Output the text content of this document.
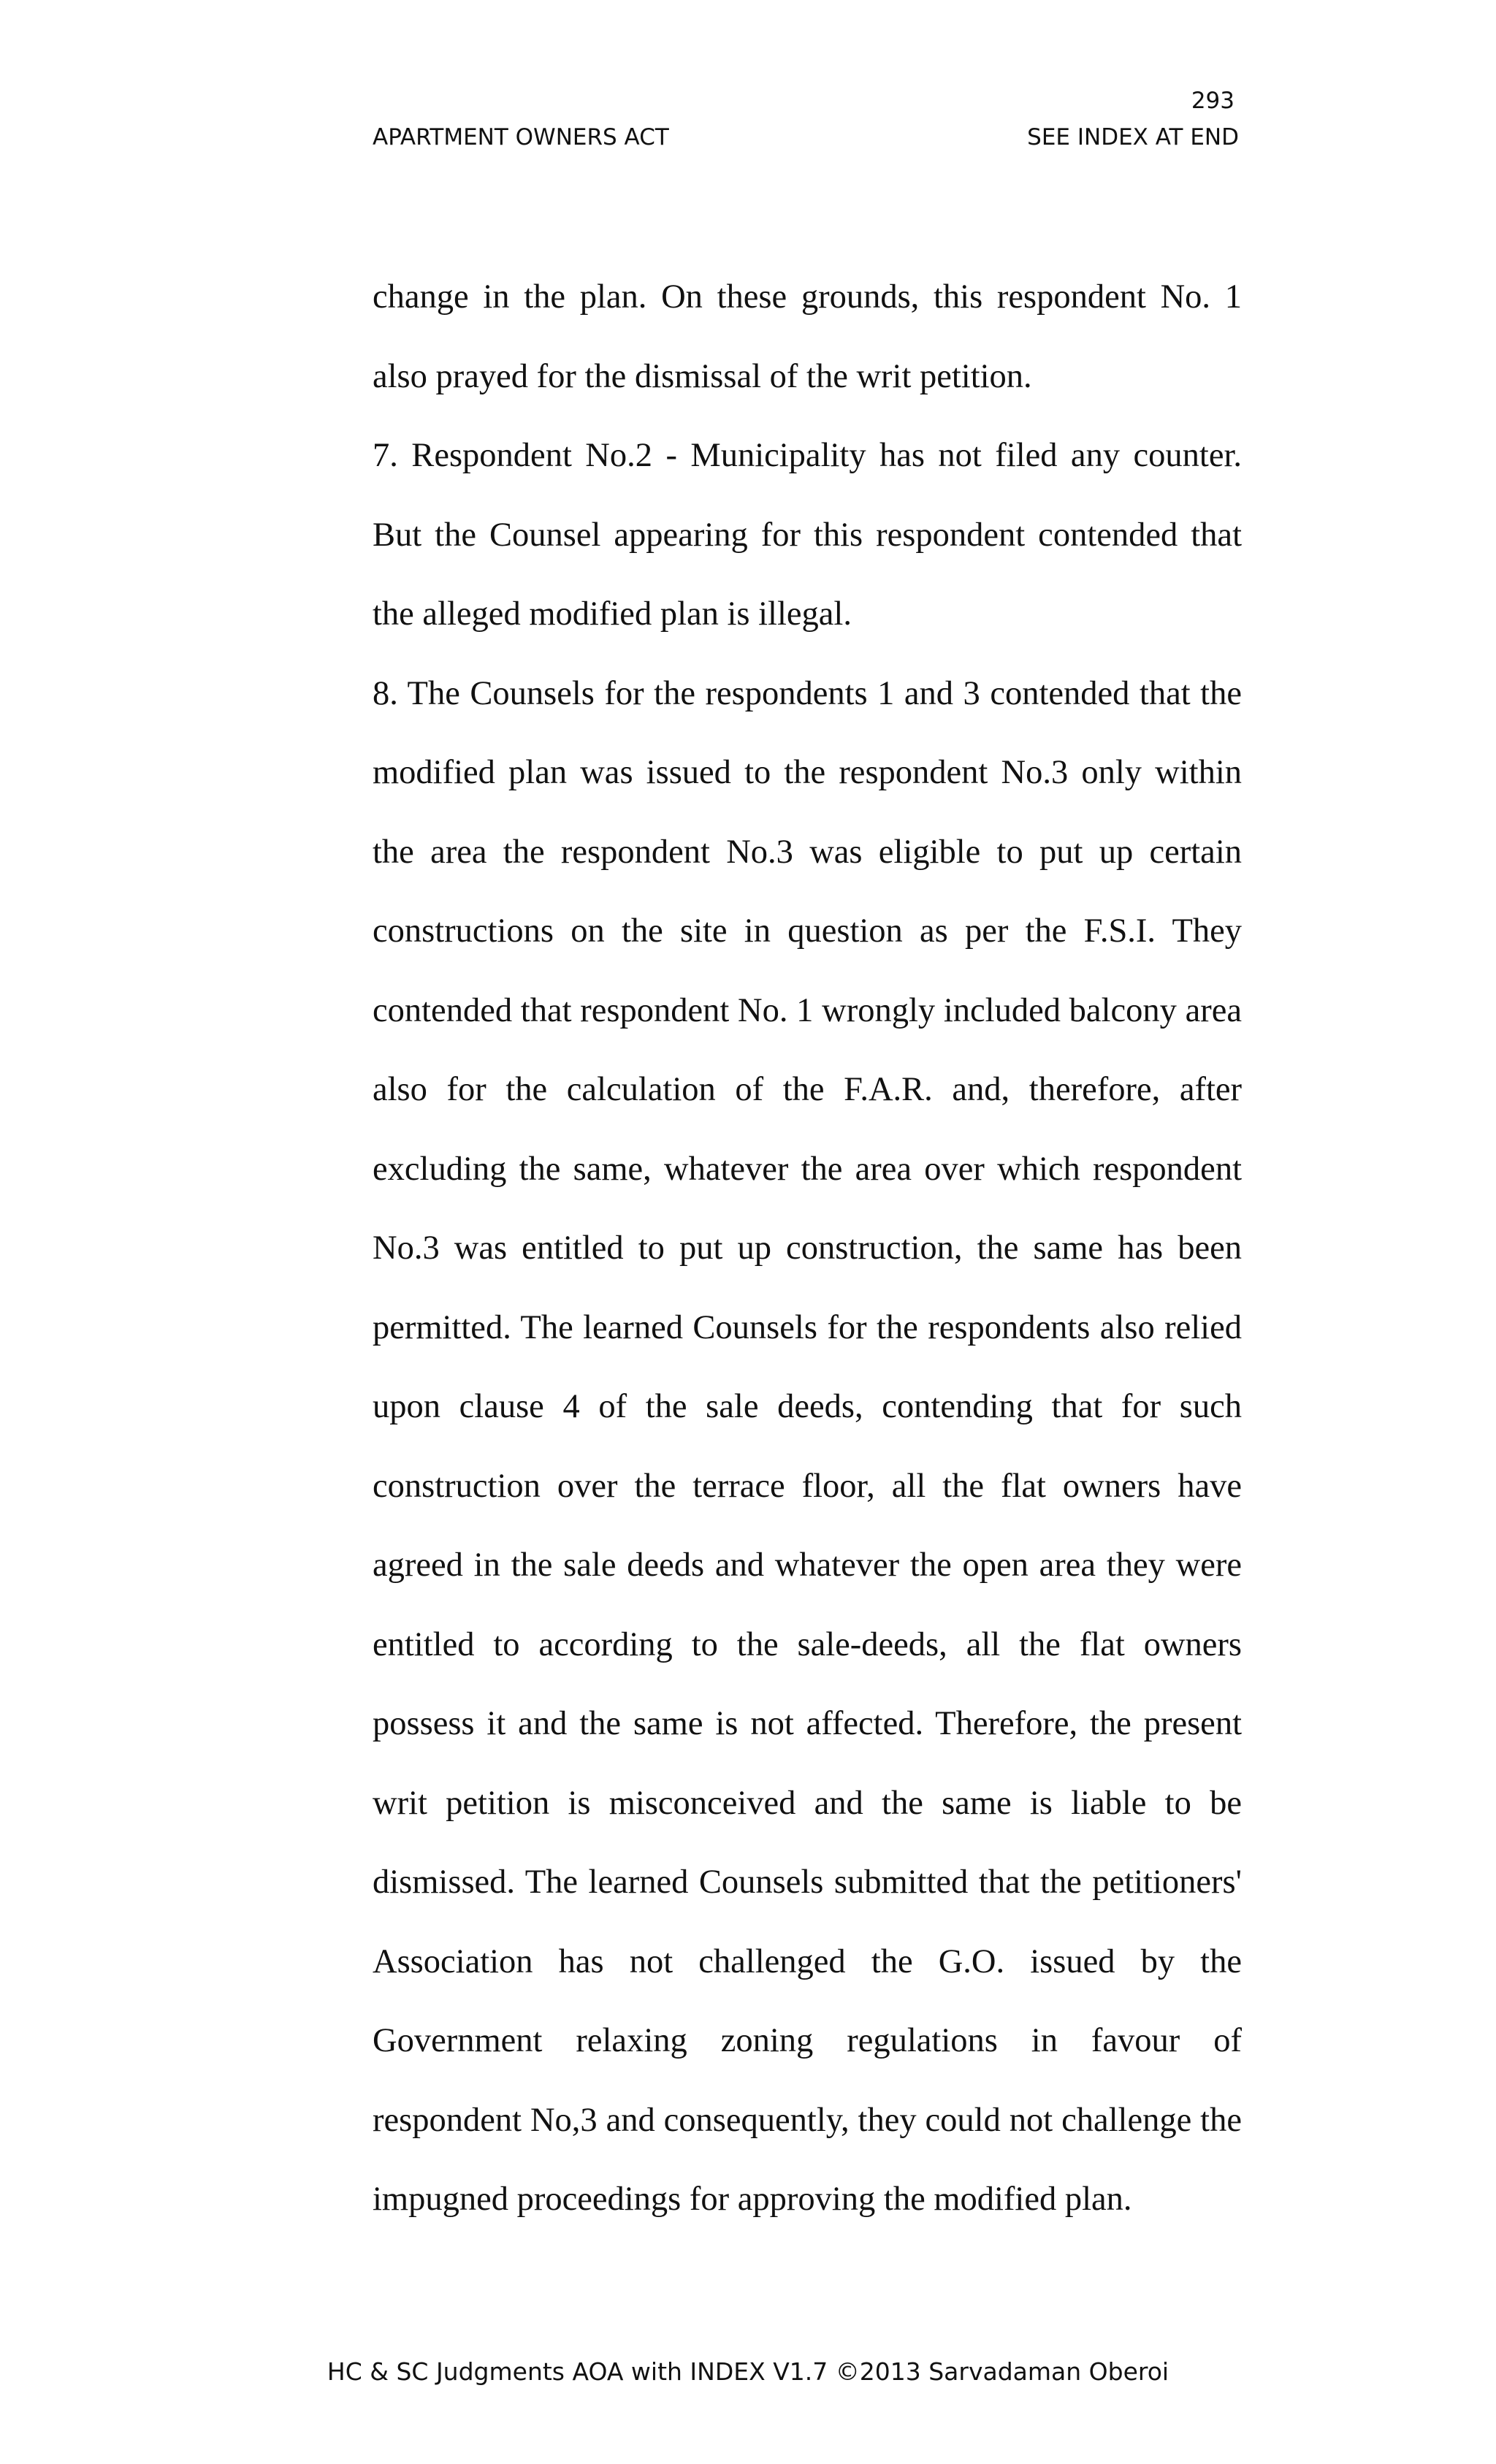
293
APARTMENT OWNERS ACT	SEE INDEX AT END

change in the plan. On these grounds, this respondent No. 1 also prayed for the dismissal of the writ petition.

7. Respondent No.2 - Municipality has not filed any counter. But the Counsel appearing for this respondent contended that the alleged modified plan is illegal.

8. The Counsels for the respondents 1 and 3 contended that the modified plan was issued to the respondent No.3 only within the area the respondent No.3 was eligible to put up certain constructions on the site in question as per the F.S.I. They contended that respondent No. 1 wrongly included balcony area also for the calculation of the F.A.R. and, therefore, after excluding the same, whatever the area over which respondent No.3 was entitled to put up construction, the same has been permitted. The learned Counsels for the respondents also relied upon clause 4 of the sale deeds, contending that for such construction over the terrace floor, all the flat owners have agreed in the sale deeds and whatever the open area they were entitled to according to the sale-deeds, all the flat owners possess it and the same is not affected. Therefore, the present writ petition is misconceived and the same is liable to be dismissed. The learned Counsels submitted that the petitioners' Association has not challenged the G.O. issued by the Government relaxing zoning regulations in favour of respondent No,3 and consequently, they could not challenge the impugned proceedings for approving the modified plan.

HC & SC Judgments AOA with INDEX V1.7 ©2013 Sarvadaman Oberoi
